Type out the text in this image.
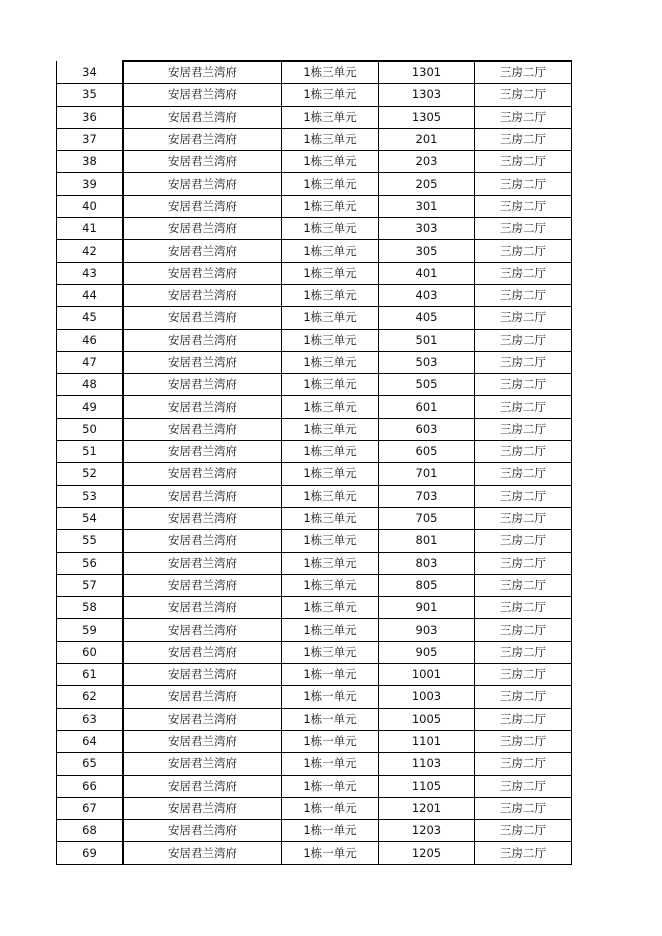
34	安居君兰湾府	1栋三单元	1301	三房二厅
35	安居君兰湾府	1栋三单元	1303	三房二厅
36	安居君兰湾府	1栋三单元	1305	三房二厅
37	安居君兰湾府	1栋三单元	201	三房二厅
38	安居君兰湾府	1栋三单元	203	三房二厅
39	安居君兰湾府	1栋三单元	205	三房二厅
40	安居君兰湾府	1栋三单元	301	三房二厅
41	安居君兰湾府	1栋三单元	303	三房二厅
42	安居君兰湾府	1栋三单元	305	三房二厅
43	安居君兰湾府	1栋三单元	401	三房二厅
44	安居君兰湾府	1栋三单元	403	三房二厅
45	安居君兰湾府	1栋三单元	405	三房二厅
46	安居君兰湾府	1栋三单元	501	三房二厅
47	安居君兰湾府	1栋三单元	503	三房二厅
48	安居君兰湾府	1栋三单元	505	三房二厅
49	安居君兰湾府	1栋三单元	601	三房二厅
50	安居君兰湾府	1栋三单元	603	三房二厅
51	安居君兰湾府	1栋三单元	605	三房二厅
52	安居君兰湾府	1栋三单元	701	三房二厅
53	安居君兰湾府	1栋三单元	703	三房二厅
54	安居君兰湾府	1栋三单元	705	三房二厅
55	安居君兰湾府	1栋三单元	801	三房二厅
56	安居君兰湾府	1栋三单元	803	三房二厅
57	安居君兰湾府	1栋三单元	805	三房二厅
58	安居君兰湾府	1栋三单元	901	三房二厅
59	安居君兰湾府	1栋三单元	903	三房二厅
60	安居君兰湾府	1栋三单元	905	三房二厅
61	安居君兰湾府	1栋一单元	1001	三房二厅
62	安居君兰湾府	1栋一单元	1003	三房二厅
63	安居君兰湾府	1栋一单元	1005	三房二厅
64	安居君兰湾府	1栋一单元	1101	三房二厅
65	安居君兰湾府	1栋一单元	1103	三房二厅
66	安居君兰湾府	1栋一单元	1105	三房二厅
67	安居君兰湾府	1栋一单元	1201	三房二厅
68	安居君兰湾府	1栋一单元	1203	三房二厅
69	安居君兰湾府	1栋一单元	1205	三房二厅
